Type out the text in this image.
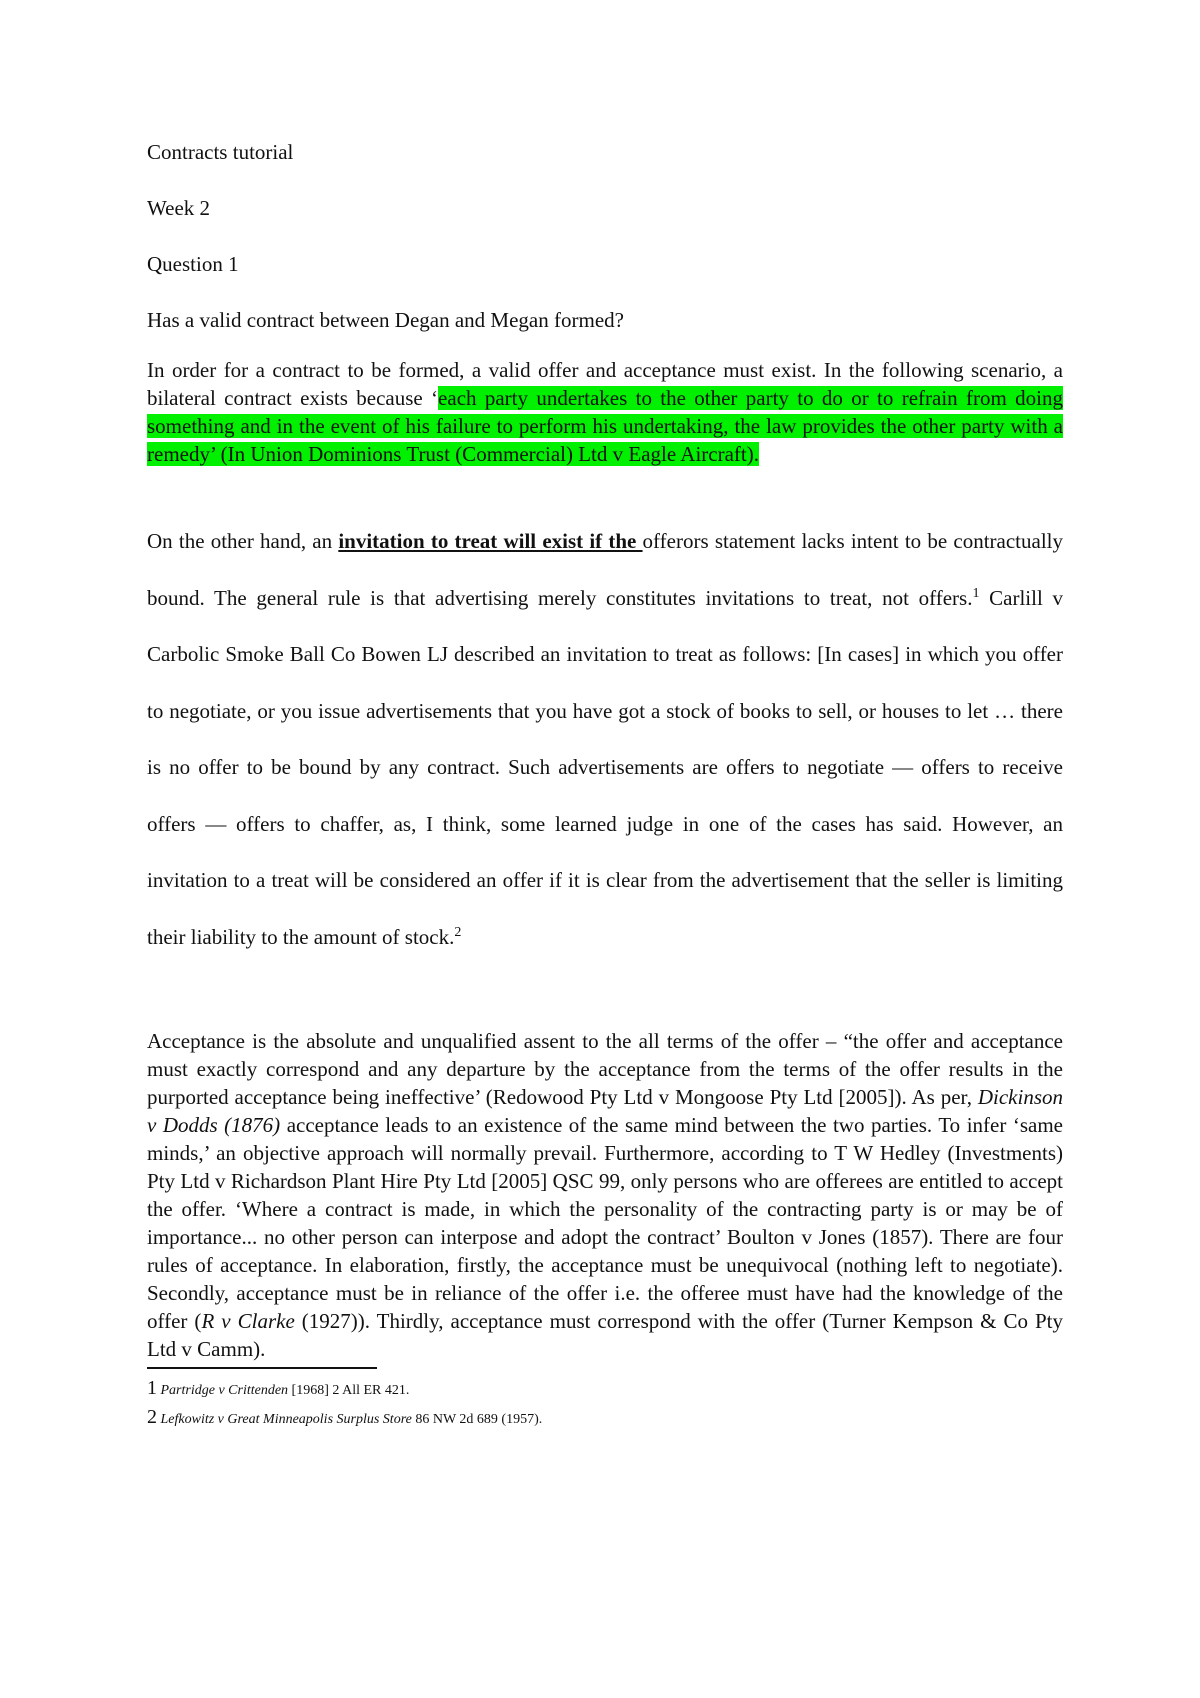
Contracts tutorial

Week 2

Question 1

Has a valid contract between Degan and Megan formed?

In order for a contract to be formed, a valid offer and acceptance must exist. In the following scenario, a bilateral contract exists because ‘each party undertakes to the other party to do or to refrain from doing something and in the event of his failure to perform his undertaking, the law provides the other party with a remedy’ (In Union Dominions Trust (Commercial) Ltd v Eagle Aircraft).

On the other hand, an invitation to treat will exist if the offerors statement lacks intent to be contractually bound. The general rule is that advertising merely constitutes invitations to treat, not offers.$^1$ Carlill v Carbolic Smoke Ball Co Bowen LJ described an invitation to treat as follows: [In cases] in which you offer to negotiate, or you issue advertisements that you have got a stock of books to sell, or houses to let … there is no offer to be bound by any contract. Such advertisements are offers to negotiate — offers to receive offers — offers to chaffer, as, I think, some learned judge in one of the cases has said. However, an invitation to a treat will be considered an offer if it is clear from the advertisement that the seller is limiting their liability to the amount of stock.$^2$

Acceptance is the absolute and unqualified assent to the all terms of the offer – “the offer and acceptance must exactly correspond and any departure by the acceptance from the terms of the offer results in the purported acceptance being ineffective’ (Redowood Pty Ltd v Mongoose Pty Ltd [2005]). As per, Dickinson v Dodds (1876) acceptance leads to an existence of the same mind between the two parties. To infer ‘same minds,’ an objective approach will normally prevail. Furthermore, according to T W Hedley (Investments) Pty Ltd v Richardson Plant Hire Pty Ltd [2005] QSC 99, only persons who are offerees are entitled to accept the offer. ‘Where a contract is made, in which the personality of the contracting party is or may be of importance... no other person can interpose and adopt the contract’ Boulton v Jones (1857). There are four rules of acceptance. In elaboration, firstly, the acceptance must be unequivocal (nothing left to negotiate). Secondly, acceptance must be in reliance of the offer i.e. the offeree must have had the knowledge of the offer (R v Clarke (1927)). Thirdly, acceptance must correspond with the offer (Turner Kempson & Co Pty Ltd v Camm).

1 Partridge v Crittenden [1968] 2 All ER 421.

2 Lefkowitz v Great Minneapolis Surplus Store 86 NW 2d 689 (1957).
